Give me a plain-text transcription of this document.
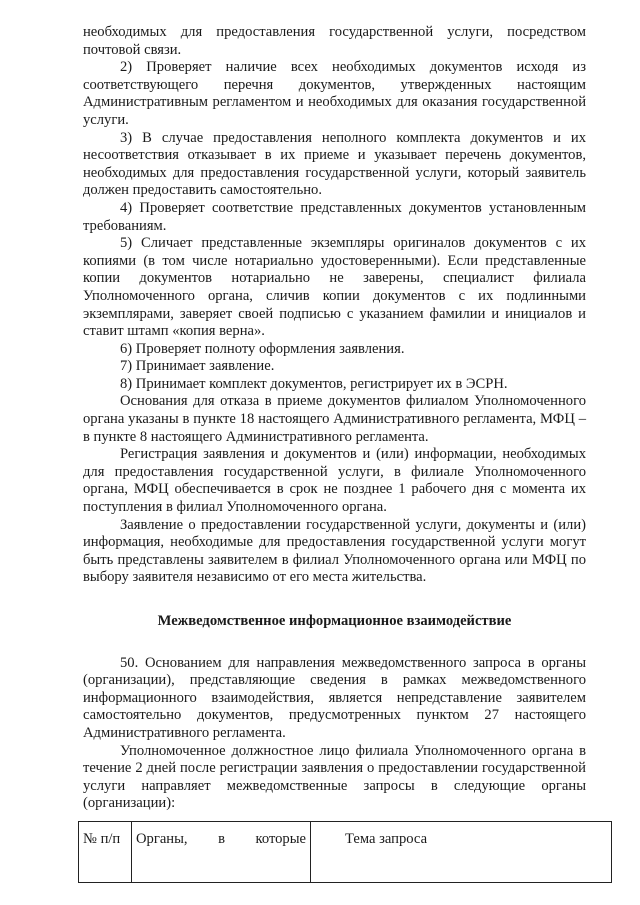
необходимых для предоставления государственной услуги, посредством почтовой связи.

2) Проверяет наличие всех необходимых документов исходя из соответствующего перечня документов, утвержденных настоящим Административным регламентом и необходимых для оказания государственной услуги.

3) В случае предоставления неполного комплекта документов и их несоответствия отказывает в их приеме и указывает перечень документов, необходимых для предоставления государственной услуги, который заявитель должен предоставить самостоятельно.

4) Проверяет соответствие представленных документов установленным требованиям.

5) Сличает представленные экземпляры оригиналов документов с их копиями (в том числе нотариально удостоверенными). Если представленные копии документов нотариально не заверены, специалист филиала Уполномоченного органа, сличив копии документов с их подлинными экземплярами, заверяет своей подписью с указанием фамилии и инициалов и ставит штамп «копия верна».

6) Проверяет полноту оформления заявления.

7) Принимает заявление.

8) Принимает комплект документов, регистрирует их в ЭСРН.

Основания для отказа в приеме документов филиалом Уполномоченного органа указаны в пункте 18 настоящего Административного регламента, МФЦ – в пункте 8 настоящего Административного регламента.

Регистрация заявления и документов и (или) информации, необходимых для предоставления государственной услуги, в филиале Уполномоченного органа, МФЦ обеспечивается в срок не позднее 1 рабочего дня с момента их поступления в филиал Уполномоченного органа.

Заявление о предоставлении государственной услуги, документы и (или) информация, необходимые для предоставления государственной услуги могут быть представлены заявителем в филиал Уполномоченного органа или МФЦ по выбору заявителя независимо от его места жительства.

Межведомственное информационное взаимодействие

50. Основанием для направления межведомственного запроса в органы (организации), представляющие сведения в рамках межведомственного информационного взаимодействия, является непредставление заявителем самостоятельно документов, предусмотренных пунктом 27 настоящего Административного регламента.

Уполномоченное должностное лицо филиала Уполномоченного органа в течение 2 дней после регистрации заявления о предоставлении государственной услуги направляет межведомственные запросы в следующие органы (организации):

№ п/п	Органы, в которые	Тема запроса
